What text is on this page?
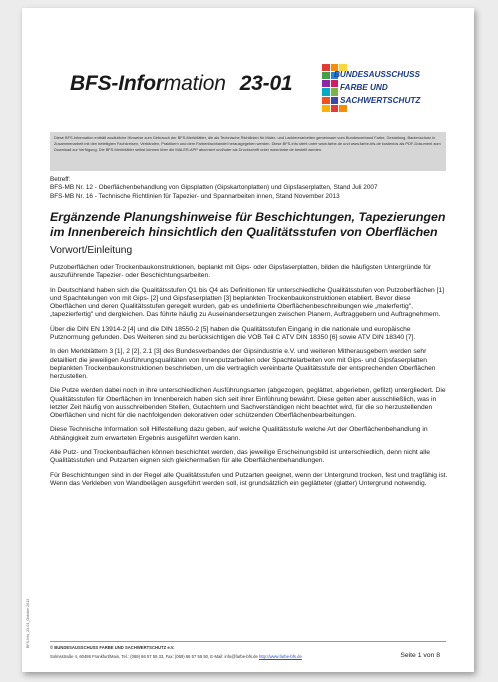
BFS-Information 23-01	BUNDESAUSSCHUSS
FARBE UND
SACHWERTSCHUTZ
Diese BFS-Information enthält zusätzliche Hinweise zum Gebrauch der BFS-Merkblätter, die als Technische Richtlinien für Maler- und Lackiererarbeiten gemeinsam vom Bundesverband Farbe, Gestaltung, Bautenschutz in Zusammenarbeit mit den beteiligten Fachkreisen, Verbänden, Praktikern und dem Farbenfachhandel herausgegeben werden. Diese BFS-Info steht unter www.farbe.de und www.farbe-bfs.de kostenlos als PDF-Dokument zum Download zur Verfügung. Die BFS-Merkblätter selbst können über die MALER-APP abonniert und/oder als Druckschrift unter www.farbe.de bestellt werden.
Betreff:
BFS-MB Nr. 12 - Oberflächenbehandlung von Gipsplatten (Gipskartonplatten) und Gipsfaserplatten, Stand Juli 2007
BFS-MB Nr. 16 - Technische Richtlinien für Tapezier- und Spannarbeiten innen, Stand November 2013
Ergänzende Planungshinweise für Beschichtungen, Tapezierungen im Innenbereich hinsichtlich den Qualitätsstufen von Oberflächen
Vorwort/Einleitung

Putzoberflächen oder Trockenbaukonstruktionen, beplankt mit Gips- oder Gipsfaserplatten, bilden die häufigsten Untergründe für auszuführende Tapezier- oder Beschichtungsarbeiten.

In Deutschland haben sich die Qualitätsstufen Q1 bis Q4 als Definitionen für unterschiedliche Qualitätsstufen von Putzoberflächen [1] und Spachtelungen von mit Gips- [2] und Gipsfaserplatten [3] beplankten Trockenbaukonstruktionen etabliert. Bevor diese Oberflächen und deren Qualitätsstufen geregelt wurden, gab es undefinierte Oberflächenbeschreibungen wie „malerfertig", „tapezierfertig" und dergleichen. Das führte häufig zu Auseinandersetzungen zwischen Planern, Auftraggebern und Auftragnehmern.

Über die DIN EN 13914-2 [4] und die DIN 18550-2 [5] haben die Qualitätsstufen Eingang in die nationale und europäische Putznormung gefunden. Des Weiteren sind zu berücksichtigen die VOB Teil C ATV DIN 18350 [6] sowie ATV DIN 18340 [7].

In den Merkblättern 3 [1], 2 [2], 2.1 [3] des Bundesverbandes der Gipsindustrie e.V. und weiteren Mitherausgebern werden sehr detailliert die jeweiligen Ausführungsqualitäten von Innenputzarbeiten oder Spachtelarbeiten von mit Gips- und Gipsfaserplatten beplankten Trockenbaukonstruktionen beschrieben, um die vertraglich vereinbarte Qualitätsstufe der entsprechenden Oberflächen herzustellen.

Die Putze werden dabei noch in ihre unterschiedlichen Ausführungsarten (abgezogen, geglättet, abgerieben, gefilzt) untergliedert. Die Qualitätsstufen für Oberflächen im Innenbereich haben sich seit ihrer Einführung bewährt. Diese gelten aber ausschließlich, was in letzter Zeit häufig von ausschreibenden Stellen, Gutachtern und Sachverständigen nicht beachtet wird, für die so herzustellenden Oberflächen und nicht für die nachfolgenden dekorativen oder schützenden Oberflächenbearbeitungen.

Diese Technische Information soll Hilfestellung dazu geben, auf welche Qualitätsstufe welche Art der Oberflächenbehandlung in Abhängigkeit zum erwarteten Ergebnis ausgeführt werden kann.

Alle Putz- und Trockenbauflächen können beschichtet werden, das jeweilige Erscheinungsbild ist unterschiedlich, denn nicht alle Qualitätsstufen und Putzarten eignen sich gleichermaßen für alle Oberflächenbehandlungen.

Für Beschichtungen sind in der Regel alle Qualitätsstufen und Putzarten geeignet, wenn der Untergrund trocken, fest und tragfähig ist. Wenn das Verkleben von Wandbelägen ausgeführt werden soll, ist grundsätzlich ein geglätteter (glatter) Untergrund notwendig.

BFS-Info_23-01_Oktober 2013	© BUNDESAUSSCHUSS FARBE UND SACHWERTSCHUTZ e.V.
Solmsstraße 4, 60486 Frankfurt/Main, Tel.: (069) 66 57 55 33, Fax: (069) 66 57 55 50, E-Mail: info@farbe-bfs.de http://www.farbe-bfs.de	Seite 1 von 8
